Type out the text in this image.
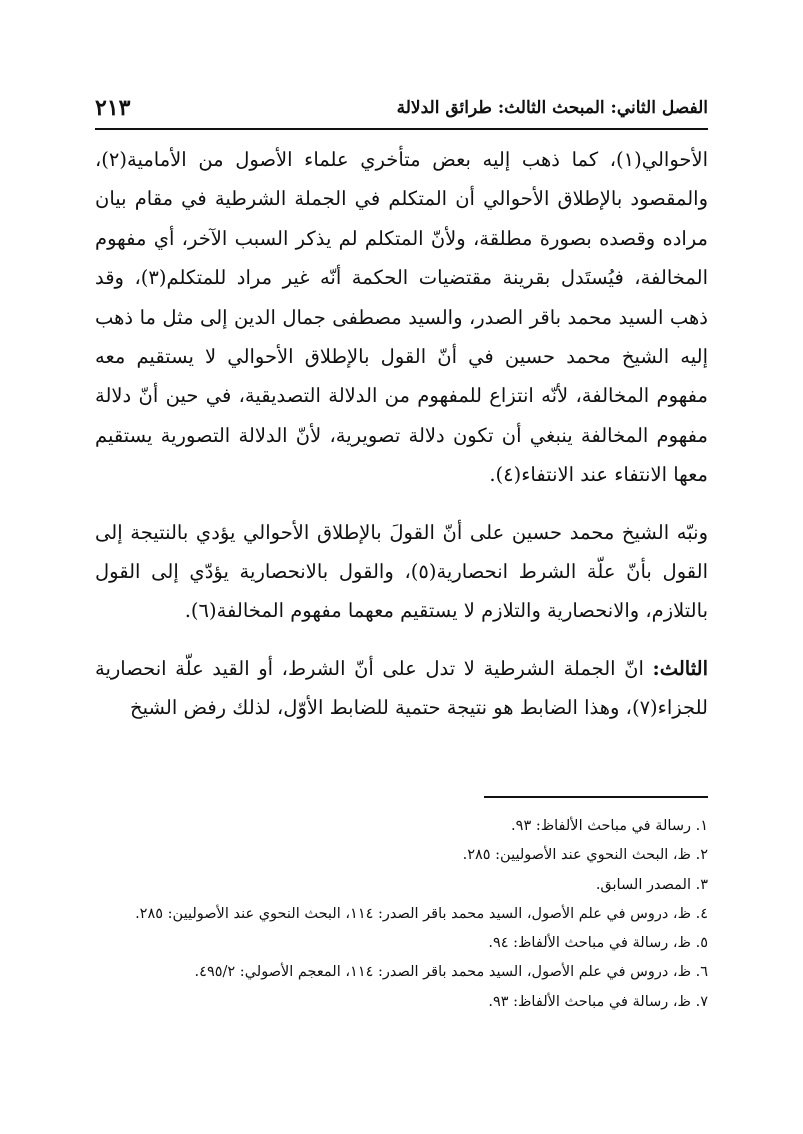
الفصل الثاني: المبحث الثالث: طرائق الدلالة
٢١٣

الأحوالي(١)، كما ذهب إليه بعض متأخري علماء الأصول من الأمامية(٢)، والمقصود بالإطلاق الأحوالي أن المتكلم في الجملة الشرطية في مقام بيان مراده وقصده بصورة مطلقة، ولأنّ المتكلم لم يذكر السبب الآخر، أي مفهوم المخالفة، فيُستَدل بقرينة مقتضيات الحكمة أنّه غير مراد للمتكلم(٣)، وقد ذهب السيد محمد باقر الصدر، والسيد مصطفى جمال الدين إلى مثل ما ذهب إليه الشيخ محمد حسين في أنّ القول بالإطلاق الأحوالي لا يستقيم معه مفهوم المخالفة، لأنّه انتزاع للمفهوم من الدلالة التصديقية، في حين أنّ دلالة مفهوم المخالفة ينبغي أن تكون دلالة تصويرية، لأنّ الدلالة التصورية يستقيم معها الانتفاء عند الانتفاء(٤).

ونبّه الشيخ محمد حسين على أنّ القولَ بالإطلاق الأحوالي يؤدي بالنتيجة إلى القول بأنّ علّة الشرط انحصارية(٥)، والقول بالانحصارية يؤدّي إلى القول بالتلازم، والانحصارية والتلازم لا يستقيم معهما مفهوم المخالفة(٦).

الثالث: انّ الجملة الشرطية لا تدل على أنّ الشرط، أو القيد علّة انحصارية للجزاء(٧)، وهذا الضابط هو نتيجة حتمية للضابط الأوّل، لذلك رفض الشيخ

١. رسالة في مباحث الألفاظ: ٩٣.
٢. ظ، البحث النحوي عند الأصوليين: ٢٨٥.
٣. المصدر السابق.
٤. ظ، دروس في علم الأصول، السيد محمد باقر الصدر: ١١٤، البحث النحوي عند الأصوليين: ٢٨٥.
٥. ظ، رسالة في مباحث الألفاظ: ٩٤.
٦. ظ، دروس في علم الأصول، السيد محمد باقر الصدر: ١١٤، المعجم الأصولي: ٤٩٥/٢.
٧. ظ، رسالة في مباحث الألفاظ: ٩٣.
